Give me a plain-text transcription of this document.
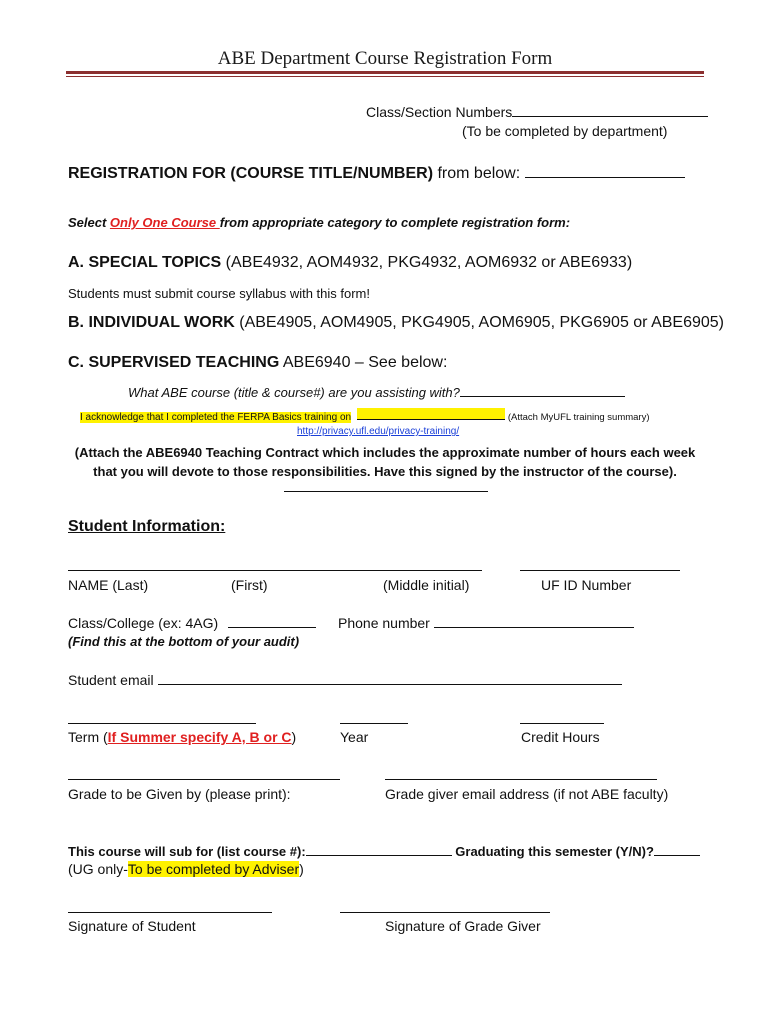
ABE Department Course Registration Form
Class/Section Numbers
(To be completed by department)
REGISTRATION FOR (COURSE TITLE/NUMBER) from below:
Select Only One Course from appropriate category to complete registration form:
A. SPECIAL TOPICS (ABE4932, AOM4932, PKG4932, AOM6932 or ABE6933)
Students must submit course syllabus with this form!
B. INDIVIDUAL WORK (ABE4905, AOM4905, PKG4905, AOM6905, PKG6905 or ABE6905)
C. SUPERVISED TEACHING ABE6940 – See below:
What ABE course (title & course#) are you assisting with?
I acknowledge that I completed the FERPA Basics training on	(Attach MyUFL training summary)
http://privacy.ufl.edu/privacy-training/
(Attach the ABE6940 Teaching Contract which includes the approximate number of hours each week
that you will devote to those responsibilities. Have this signed by the instructor of the course).
Student Information:
NAME (Last)	(First)	(Middle initial)	UF ID Number
Class/College (ex: 4AG)	Phone number
(Find this at the bottom of your audit)
Student email
Term (If Summer specify A, B or C)	Year	Credit Hours
Grade to be Given by (please print):	Grade giver email address (if not ABE faculty)
This course will sub for (list course #):	Graduating this semester (Y/N)?
(UG only-To be completed by Adviser)
Signature of Student	Signature of Grade Giver
